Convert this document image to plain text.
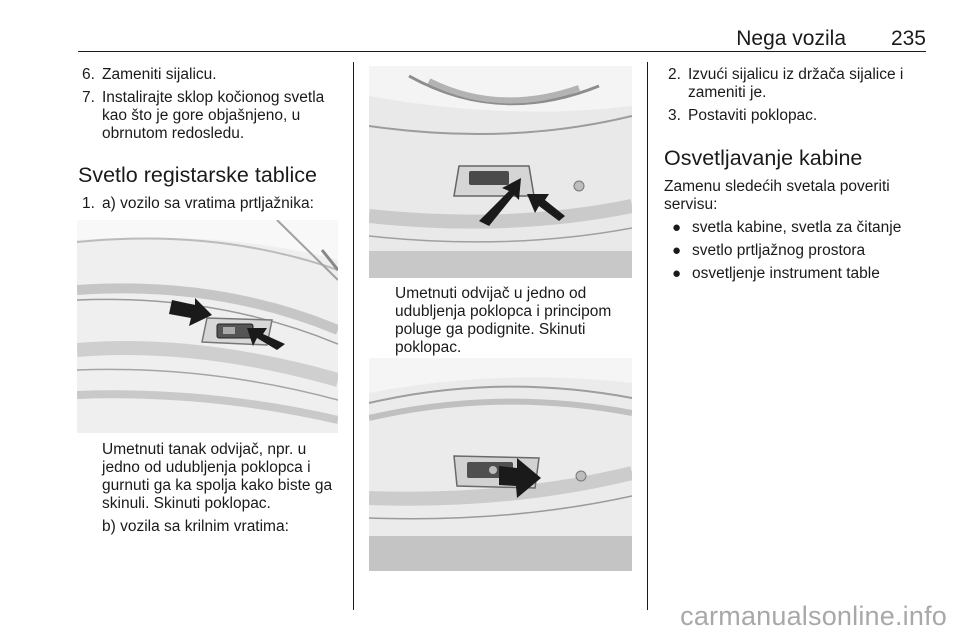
Nega vozila 235
6. Zameniti sijalicu.
7. Instalirajte sklop kočionog svetla
kao što je gore objašnjeno, u
obrnutom redosledu.
Svetlo registarske tablice
1. a) vozilo sa vratima prtljažnika:
Umetnuti tanak odvijač, npr. u
jedno od udubljenja poklopca i
gurnuti ga ka spolja kako biste ga
skinuli. Skinuti poklopac.
b) vozila sa krilnim vratima:
Umetnuti odvijač u jedno od
udubljenja poklopca i principom
poluge ga podignite. Skinuti
poklopac.
2. Izvući sijalicu iz držača sijalice i
zameniti je.
3. Postaviti poklopac.
Osvetljavanje kabine
Zamenu sledećih svetala poveriti
servisu:
● svetla kabine, svetla za čitanje
● svetlo prtljažnog prostora
● osvetljenje instrument table
carmanualsonline.info
